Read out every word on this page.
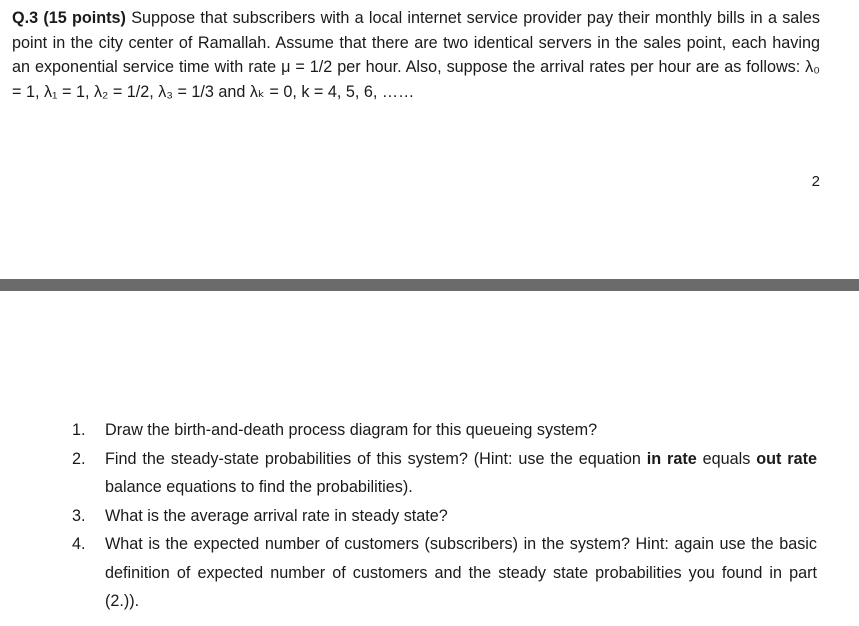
Q.3 (15 points) Suppose that subscribers with a local internet service provider pay their monthly bills in a sales point in the city center of Ramallah. Assume that there are two identical servers in the sales point, each having an exponential service time with rate μ = 1/2 per hour. Also, suppose the arrival rates per hour are as follows: λ₀ = 1, λ₁ = 1, λ₂ = 1/2, λ₃ = 1/3 and λₖ = 0, k = 4, 5, 6, ……
2
1. Draw the birth-and-death process diagram for this queueing system?
2. Find the steady-state probabilities of this system? (Hint: use the equation in rate equals out rate balance equations to find the probabilities).
3. What is the average arrival rate in steady state?
4. What is the expected number of customers (subscribers) in the system? Hint: again use the basic definition of expected number of customers and the steady state probabilities you found in part (2.)).
